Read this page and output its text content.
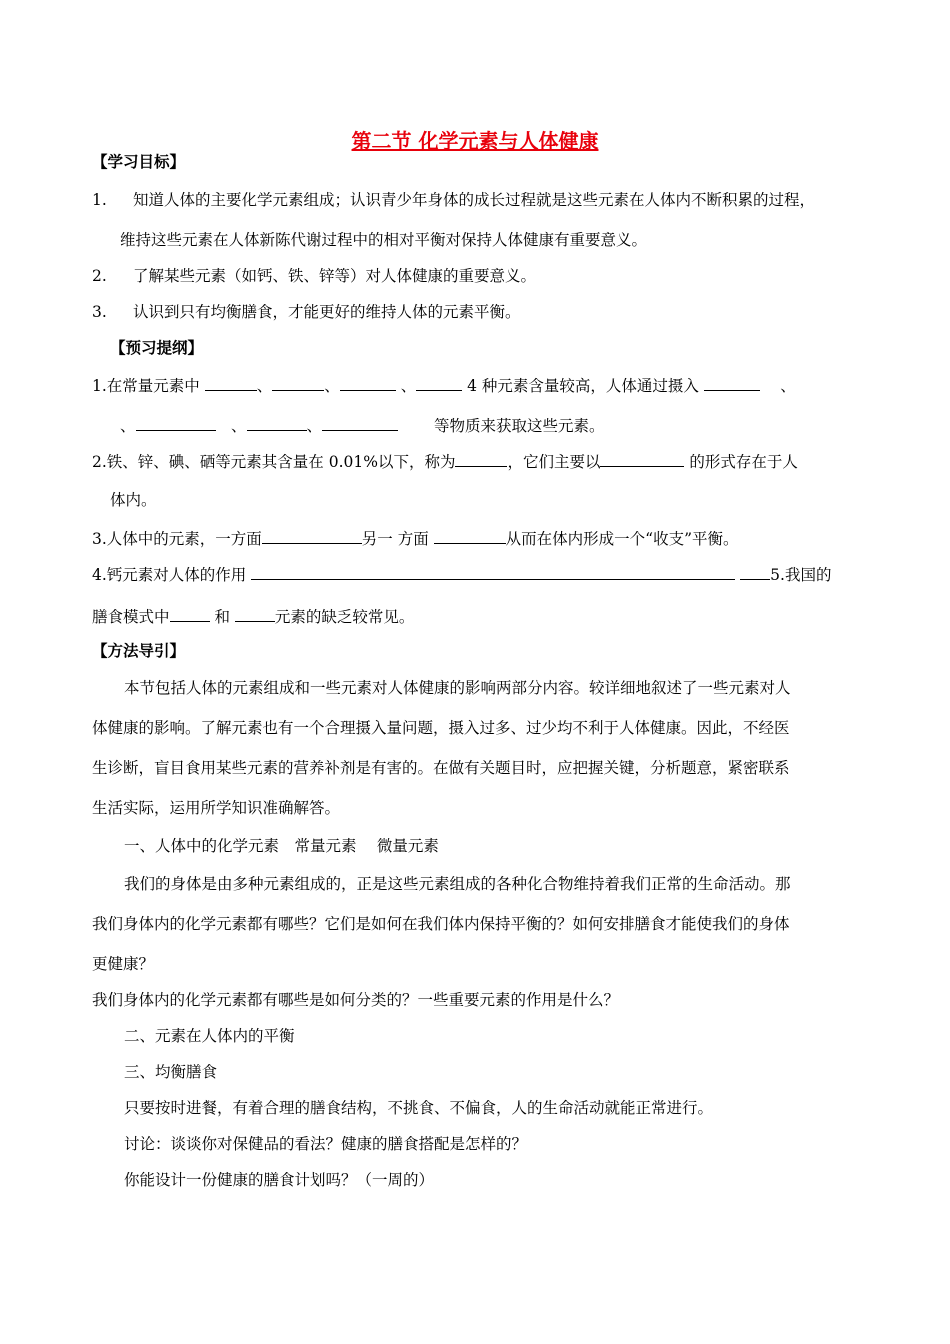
第二节 化学元素与人体健康
【学习目标】
1. 知道人体的主要化学元素组成；认识青少年身体的成长过程就是这些元素在人体内不断积累的过程，
维持这些元素在人体新陈代谢过程中的相对平衡对保持人体健康有重要意义。
2. 了解某些元素（如钙、铁、锌等）对人体健康的重要意义。
3. 认识到只有均衡膳食，才能更好的维持人体的元素平衡。
【预习提纲】
1.在常量元素中	、	、	、	4 种元素含量较高，人体通过摄入	　 、
、	　、	、　　	等物质来获取这些元素。
2.铁、锌、碘、硒等元素其含量在 0.01%以下，称为	，它们主要以	的形式存在于人
体内。
3.人体中的元素，一方面	另一 方面	从而在体内形成一个“收支”平衡。
4.钙元素对人体的作用	5.我国的
膳食模式中	和	元素的缺乏较常见。
【方法导引】
本节包括人体的元素组成和一些元素对人体健康的影响两部分内容。较详细地叙述了一些元素对人
体健康的影响。了解元素也有一个合理摄入量问题，摄入过多、过少均不利于人体健康。因此，不经医
生诊断，盲目食用某些元素的营养补剂是有害的。在做有关题目时，应把握关键，分析题意，紧密联系
生活实际，运用所学知识准确解答。
一、人体中的化学元素　常量元素　 微量元素
我们的身体是由多种元素组成的，正是这些元素组成的各种化合物维持着我们正常的生命活动。那
我们身体内的化学元素都有哪些？它们是如何在我们体内保持平衡的？如何安排膳食才能使我们的身体
更健康？
我们身体内的化学元素都有哪些是如何分类的？一些重要元素的作用是什么？
二、元素在人体内的平衡
三、均衡膳食
只要按时进餐，有着合理的膳食结构，不挑食、不偏食，人的生命活动就能正常进行。
讨论：谈谈你对保健品的看法？健康的膳食搭配是怎样的？
你能设计一份健康的膳食计划吗？（一周的）
